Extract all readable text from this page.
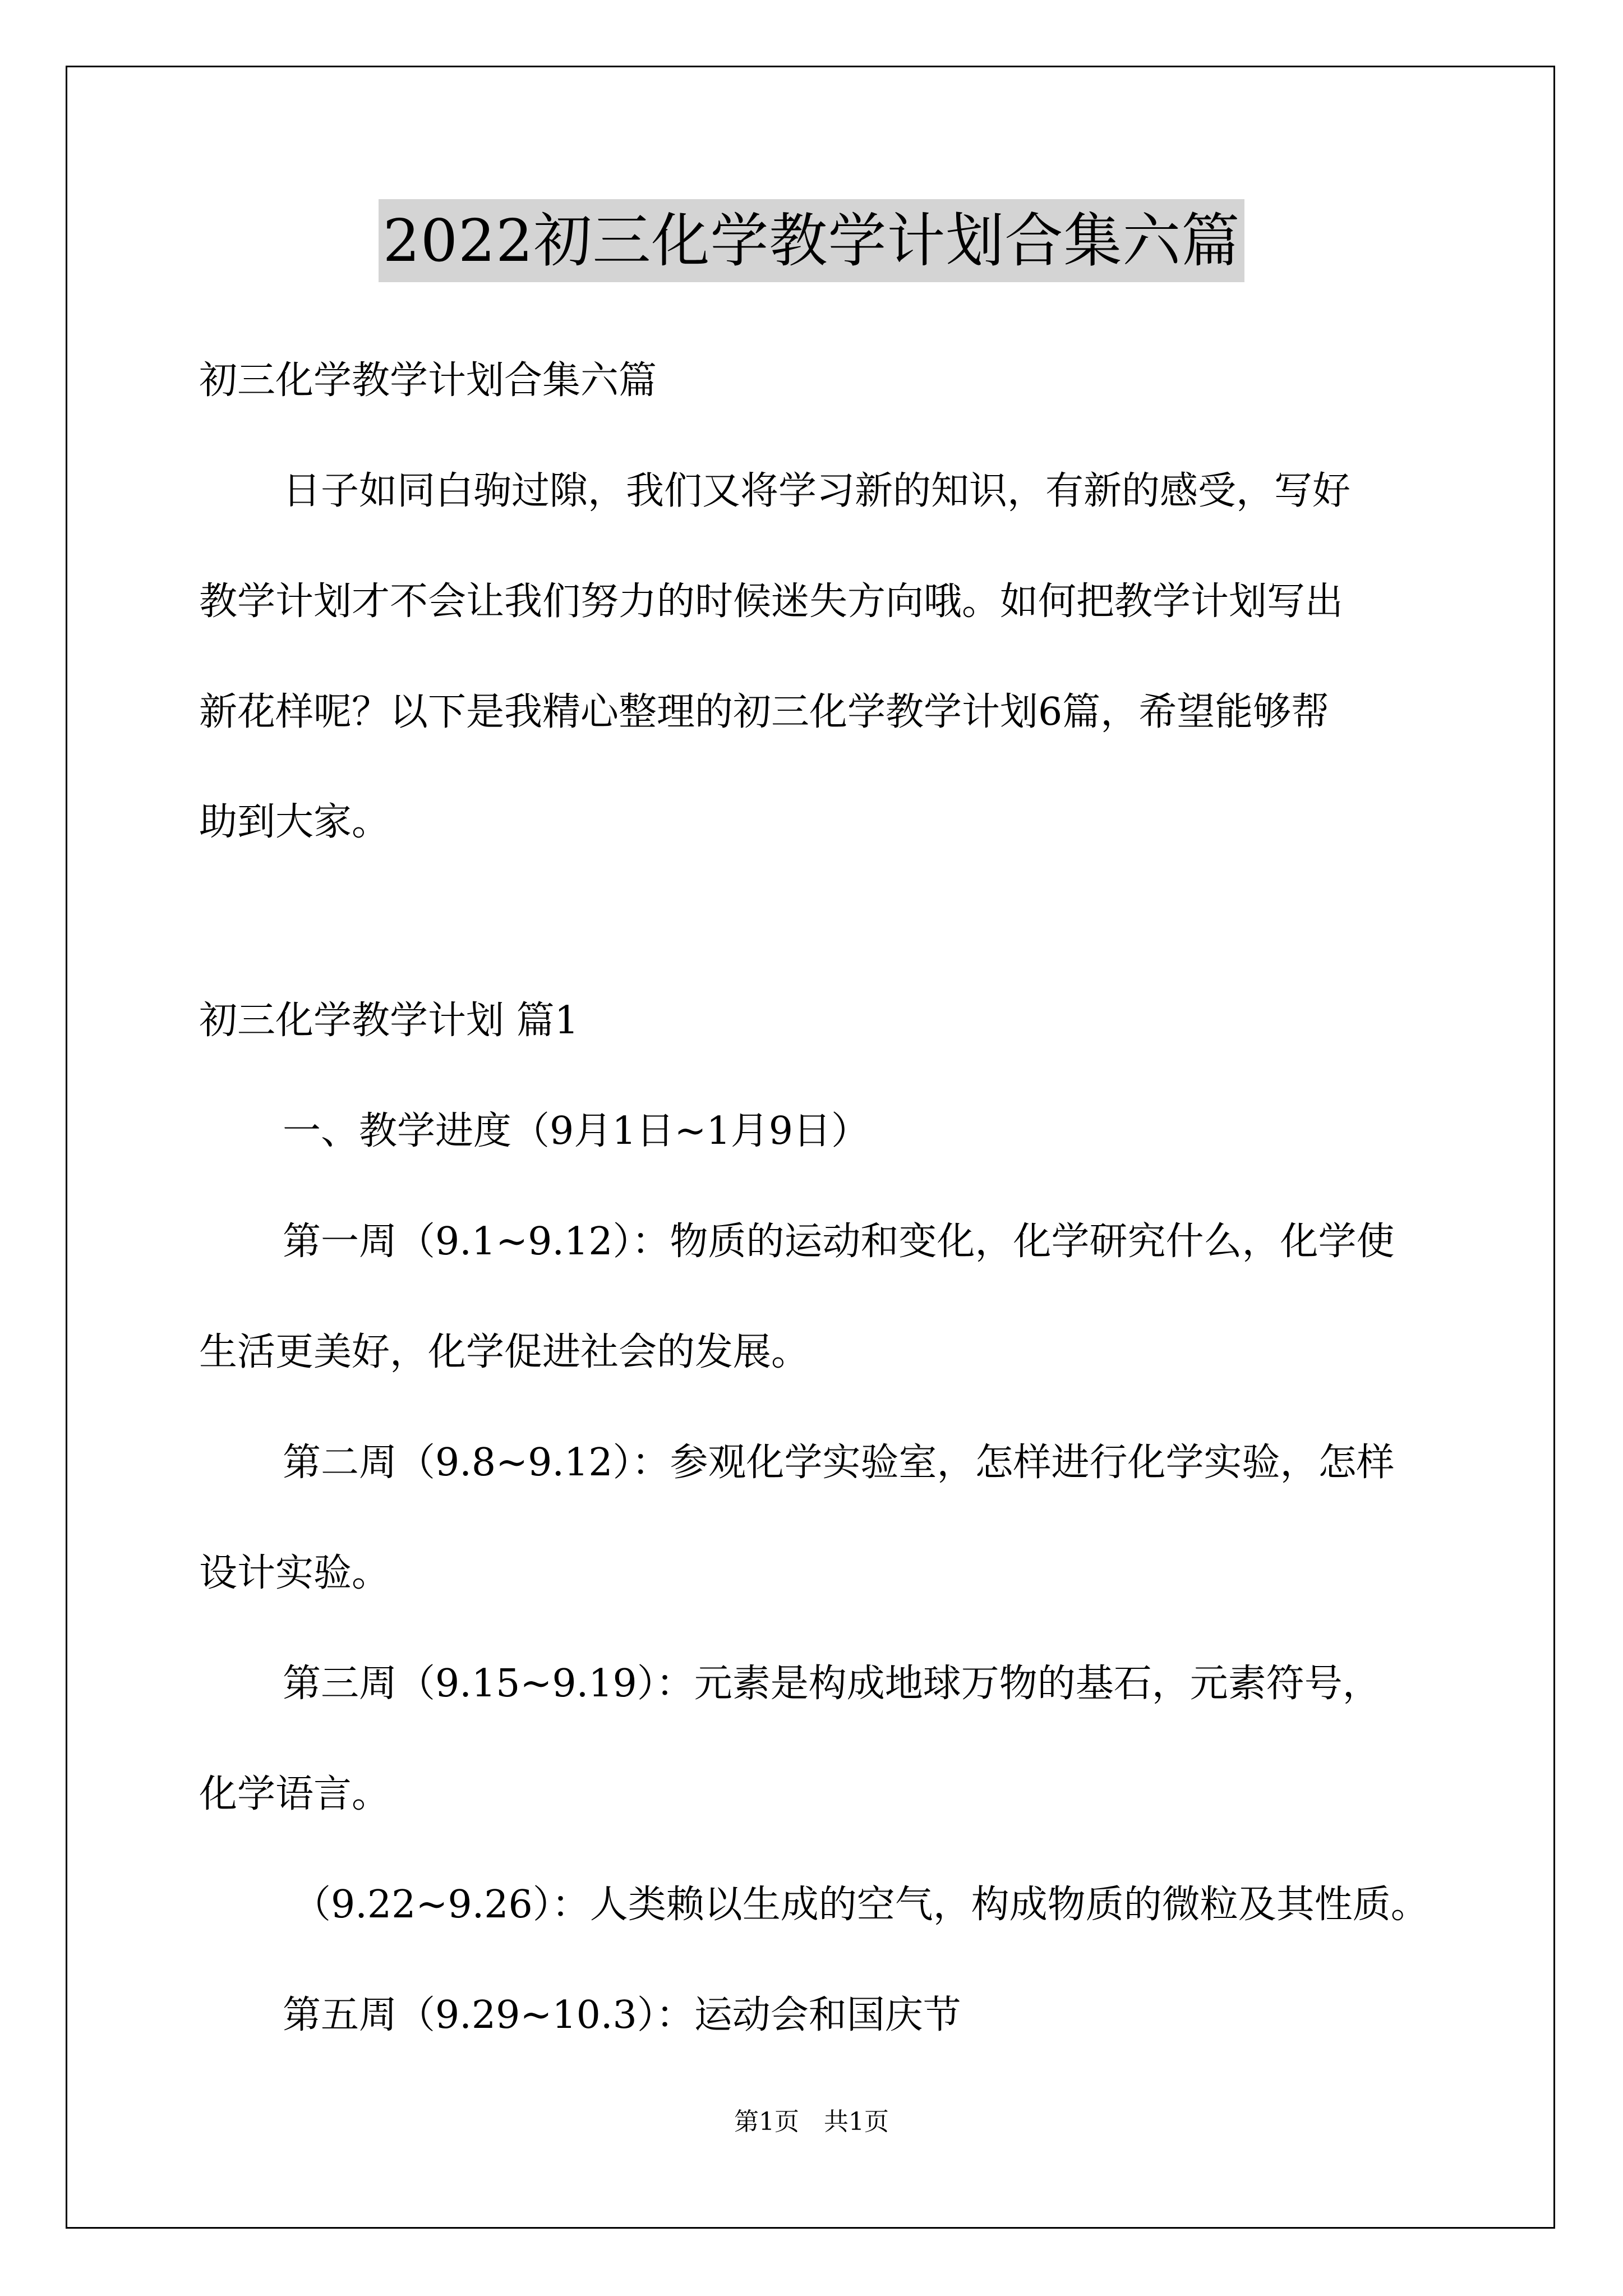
2022初三化学教学计划合集六篇
初三化学教学计划合集六篇
日子如同白驹过隙，我们又将学习新的知识，有新的感受，写好
教学计划才不会让我们努力的时候迷失方向哦。如何把教学计划写出
新花样呢？以下是我精心整理的初三化学教学计划6篇，希望能够帮
助到大家。
初三化学教学计划 篇1
一、教学进度（9月1日~1月9日）
第一周（9.1~9.12）：物质的运动和变化，化学研究什么，化学使
生活更美好，化学促进社会的发展。
第二周（9.8~9.12）：参观化学实验室，怎样进行化学实验，怎样
设计实验。
第三周（9.15~9.19）：元素是构成地球万物的基石，元素符号，
化学语言。
（9.22~9.26）：人类赖以生成的空气，构成物质的微粒及其性质。
第五周（9.29~10.3）：运动会和国庆节
第1页　共1页
